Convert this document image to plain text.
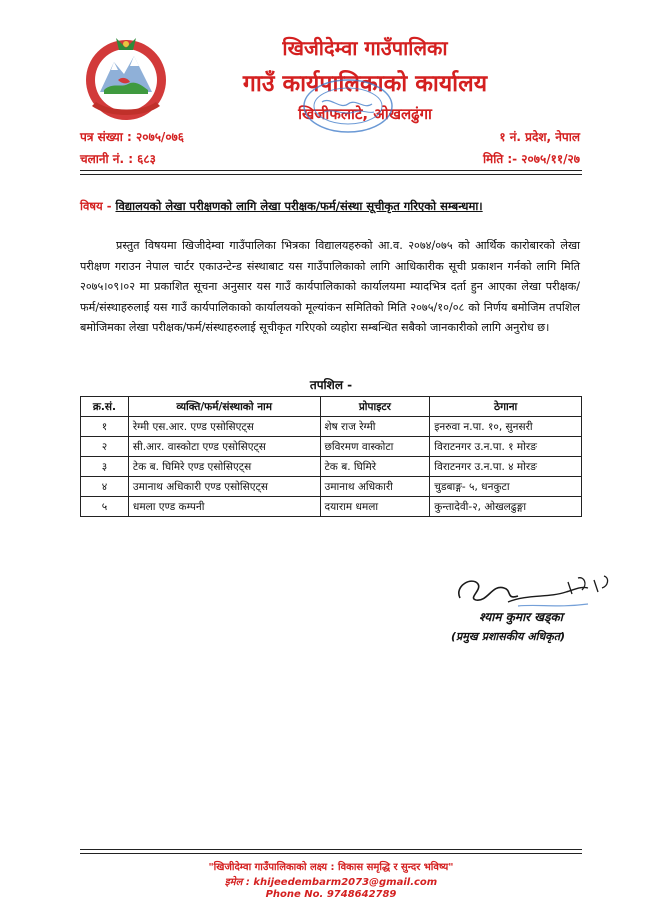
खिजीदेम्वा गाउँपालिका
गाउँ कार्यपालिकाको कार्यालय
खिजीफलाटे, ओखलढुंगा
पत्र संख्या : २०७५/०७६
चलानी नं. : ६८३
१ नं. प्रदेश, नेपाल
मिति :- २०७५/११/२७
विषय - विद्यालयको लेखा परीक्षणको लागि लेखा परीक्षक/फर्म/संस्था सूचीकृत गरिएको सम्बन्धमा।
प्रस्तुत विषयमा खिजीदेम्वा गाउँपालिका भित्रका विद्यालयहरुको आ.व. २०७४/०७५ को आर्थिक कारोबारको लेखा परीक्षण गराउन नेपाल चार्टर एकाउन्टेन्ड संस्थाबाट यस गाउँपालिकाको लागि आधिकारीक सूची प्रकाशन गर्नको लागि मिति २०७५।०९।०२ मा प्रकाशित सूचना अनुसार यस गाउँ कार्यपालिकाको कार्यालयमा म्यादभित्र दर्ता हुन आएका लेखा परीक्षक/फर्म/संस्थाहरुलाई यस गाउँ कार्यपालिकाको कार्यालयको मूल्यांकन समितिको मिति २०७५/१०/०८ को निर्णय बमोजिम तपशिल बमोजिमका लेखा परीक्षक/फर्म/संस्थाहरुलाई सूचीकृत गरिएको व्यहोरा सम्बन्धित सबैको जानकारीको लागि अनुरोध छ।
तपशिल -
क्र.सं.	व्यक्ति/फर्म/संस्थाको नाम	प्रोपाइटर	ठेगाना
१	रेग्मी एस.आर. एण्ड एसोसिएट्स	शेष राज रेग्मी	इनरुवा न.पा. १०, सुनसरी
२	सी.आर. वास्कोटा एण्ड एसोसिएट्स	छविरमण वास्कोटा	विराटनगर उ.न.पा. १ मोरङ
३	टेक ब. घिमिरे एण्ड एसोसिएट्स	टेक ब. घिमिरे	विराटनगर उ.न.पा. ४ मोरङ
४	उमानाथ अधिकारी एण्ड एसोसिएट्स	उमानाथ अधिकारी	चुडबाङ्ग- ५, धनकुटा
५	धमला एण्ड कम्पनी	दयाराम धमला	कुन्तादेवी-२, ओखलढुङ्गा
श्याम कुमार खड्का
(प्रमुख प्रशासकीय अधिकृत)
"खिजीदेम्वा गाउँपालिकाको लक्ष्य : विकास समृद्धि र सुन्दर भविष्य"
इमेल : khijeedembarm2073@gmail.com
Phone No. 9748642789
